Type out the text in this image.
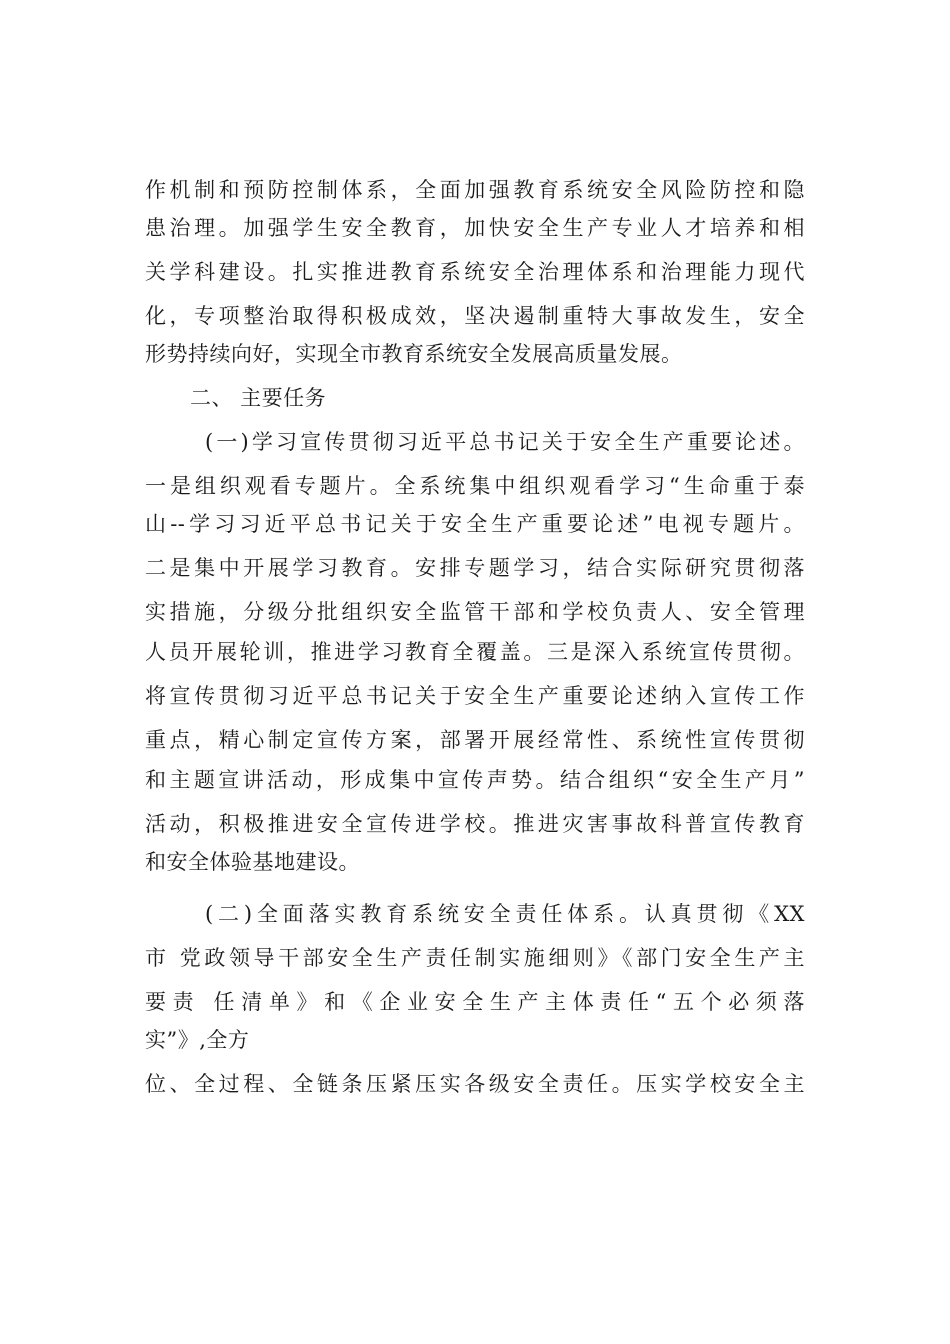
作机制和预防控制体系，全面加强教育系统安全风险防控和隐
患治理。加强学生安全教育，加快安全生产专业人才培养和相
关学科建设。扎实推进教育系统安全治理体系和治理能力现代
化，专项整治取得积极成效，坚决遏制重特大事故发生，安全
形势持续向好，实现全市教育系统安全发展高质量发展。
二、 主要任务
(一)学习宣传贯彻习近平总书记关于安全生产重要论述。
一是组织观看专题片。全系统集中组织观看学习“生命重于泰
山--学习习近平总书记关于安全生产重要论述”电视专题片。
二是集中开展学习教育。安排专题学习，结合实际研究贯彻落
实措施，分级分批组织安全监管干部和学校负责人、安全管理
人员开展轮训，推进学习教育全覆盖。三是深入系统宣传贯彻。
将宣传贯彻习近平总书记关于安全生产重要论述纳入宣传工作
重点，精心制定宣传方案，部署开展经常性、系统性宣传贯彻
和主题宣讲活动，形成集中宣传声势。结合组织“安全生产月”
活动，积极推进安全宣传进学校。推进灾害事故科普宣传教育
和安全体验基地建设。
(二)全面落实教育系统安全责任体系。认真贯彻《XX
市 党政领导干部安全生产责任制实施细则》《部门安全生产主
要责 任清单》和《企业安全生产主体责任“五个必须落
实”》,全方
位、全过程、全链条压紧压实各级安全责任。压实学校安全主
